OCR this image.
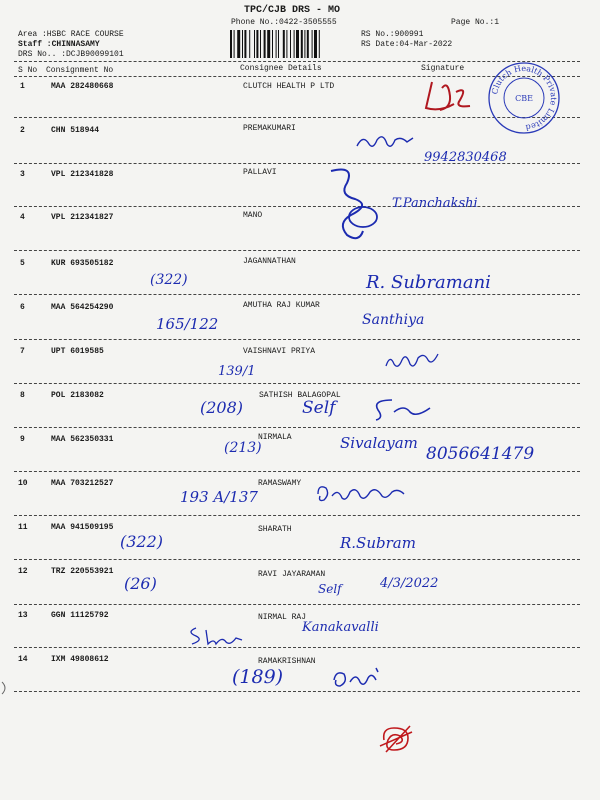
TPC/CJB DRS - MO
Phone No.:0422-3505555	Page No.:1
Area :HSBC RACE COURSE
Staff :CHINNASAMY
DRS No.. :DCJB90099101
RS No.:900991
RS Date:04-Mar-2022
S No Consignment No	Consignee Details	Signature
1	MAA 282480668	CLUTCH HEALTH P LTD
2	CHN 518944	PREMAKUMARI
3	VPL 212341828	PALLAVI
4	VPL 212341827	MANO
5	KUR 693505182	JAGANNATHAN
6	MAA 564254290	AMUTHA RAJ KUMAR
7	UPT 6019585	VAISHNAVI PRIYA
8	POL 2183082	SATHISH BALAGOPAL
9	MAA 562350331	NIRMALA
10	MAA 703212527	RAMASWAMY
11	MAA 941509195	SHARATH
12	TRZ 220553921	RAVI JAYARAMAN
13	GGN 11125792	NIRMAL RAJ
14	IXM 49808612	RAMAKRISHNAN
Clutch Health Private Limited
CBE
9942830468
T.Panchakshi
(322)	R. Subramani
165/122	Santhiya
139/1
(208)	Self
(213)	Sivalayam
8056641479
193 A/137
(322)	R.Subram
(26)	Self	4/3/2022
Kanakavalli
(189)
